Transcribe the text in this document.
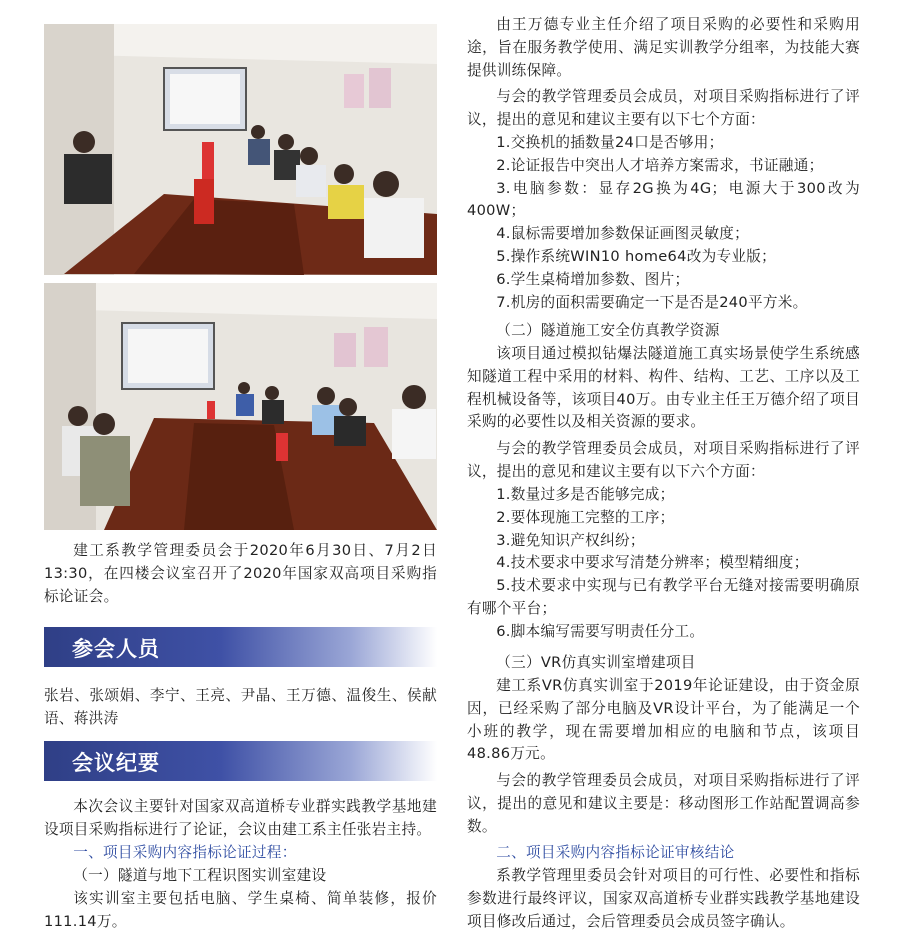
建工系教学管理委员会于2020年6月30日、7月2日13:30，在四楼会议室召开了2020年国家双高项目采购指标论证会。

参会人员

张岩、张颂娟、李宁、王亮、尹晶、王万德、温俊生、侯献语、蒋洪涛

会议纪要

本次会议主要针对国家双高道桥专业群实践教学基地建设项目采购指标进行了论证，会议由建工系主任张岩主持。

一、项目采购内容指标论证过程：

（一）隧道与地下工程识图实训室建设

该实训室主要包括电脑、学生桌椅、简单装修，报价111.14万。

由王万德专业主任介绍了项目采购的必要性和采购用途，旨在服务教学使用、满足实训教学分组率，为技能大赛提供训练保障。

与会的教学管理委员会成员，对项目采购指标进行了评议，提出的意见和建议主要有以下七个方面：

1.交换机的插数量24口是否够用；
2.论证报告中突出人才培养方案需求，书证融通；
3.电脑参数：显存2G换为4G；电源大于300改为400W；
4.鼠标需要增加参数保证画图灵敏度；
5.操作系统WIN10 home64改为专业版；
6.学生桌椅增加参数、图片；
7.机房的面积需要确定一下是否是240平方米。

（二）隧道施工安全仿真教学资源

该项目通过模拟钻爆法隧道施工真实场景使学生系统感知隧道工程中采用的材料、构件、结构、工艺、工序以及工程机械设备等，该项目40万。由专业主任王万德介绍了项目采购的必要性以及相关资源的要求。

与会的教学管理委员会成员，对项目采购指标进行了评议，提出的意见和建议主要有以下六个方面：

1.数量过多是否能够完成；
2.要体现施工完整的工序；
3.避免知识产权纠纷；
4.技术要求中要求写清楚分辨率；模型精细度；
5.技术要求中实现与已有教学平台无缝对接需要明确原有哪个平台；
6.脚本编写需要写明责任分工。

（三）VR仿真实训室增建项目

建工系VR仿真实训室于2019年论证建设，由于资金原因，已经采购了部分电脑及VR设计平台，为了能满足一个小班的教学，现在需要增加相应的电脑和节点，该项目48.86万元。

与会的教学管理委员会成员，对项目采购指标进行了评议，提出的意见和建议主要是：移动图形工作站配置调高参数。

二、项目采购内容指标论证审核结论

系教学管理里委员会针对项目的可行性、必要性和指标参数进行最终评议，国家双高道桥专业群实践教学基地建设项目修改后通过，会后管理委员会成员签字确认。
